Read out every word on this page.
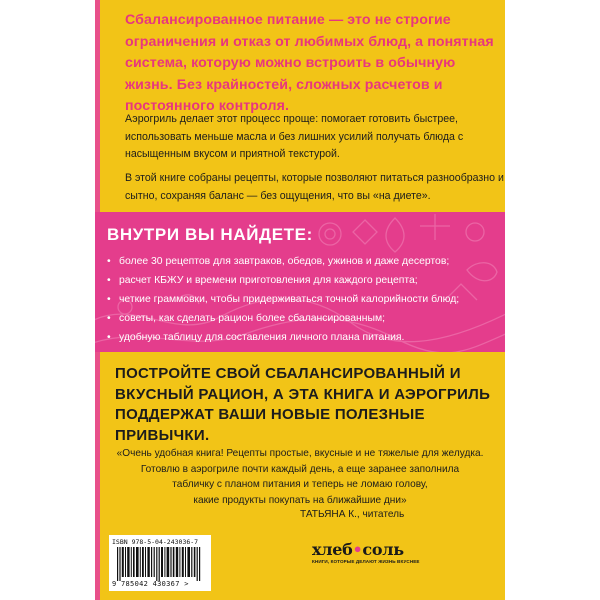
Сбалансированное питание — это не строгие ограничения и отказ от любимых блюд, а понятная система, которую можно встроить в обычную жизнь. Без крайностей, сложных расчетов и постоянного контроля.

Аэрогриль делает этот процесс проще: помогает готовить быстрее, использовать меньше масла и без лишних усилий получать блюда с насыщенным вкусом и приятной текстурой.

В этой книге собраны рецепты, которые позволяют питаться разнообразно и сытно, сохраняя баланс — без ощущения, что вы «на диете».

ВНУТРИ ВЫ НАЙДЕТЕ:
• более 30 рецептов для завтраков, обедов, ужинов и даже десертов;
• расчет КБЖУ и времени приготовления для каждого рецепта;
• четкие граммовки, чтобы придерживаться точной калорийности блюд;
• советы, как сделать рацион более сбалансированным;
• удобную таблицу для составления личного плана питания.

ПОСТРОЙТЕ СВОЙ СБАЛАНСИРОВАННЫЙ И ВКУСНЫЙ РАЦИОН, А ЭТА КНИГА И АЭРОГРИЛЬ ПОДДЕРЖАТ ВАШИ НОВЫЕ ПОЛЕЗНЫЕ ПРИВЫЧКИ.

«Очень удобная книга! Рецепты простые, вкусные и не тяжелые для желудка.
Готовлю в аэрогриле почти каждый день, а еще заранее заполнила
табличку с планом питания и теперь не ломаю голову,
какие продукты покупать на ближайшие дни»

ТАТЬЯНА К., читатель

ISBN 978-5-04-243036-7

9 785042 430367 >

хлеб•соль

КНИГИ, КОТОРЫЕ ДЕЛАЮТ ЖИЗНЬ ВКУСНЕЕ
